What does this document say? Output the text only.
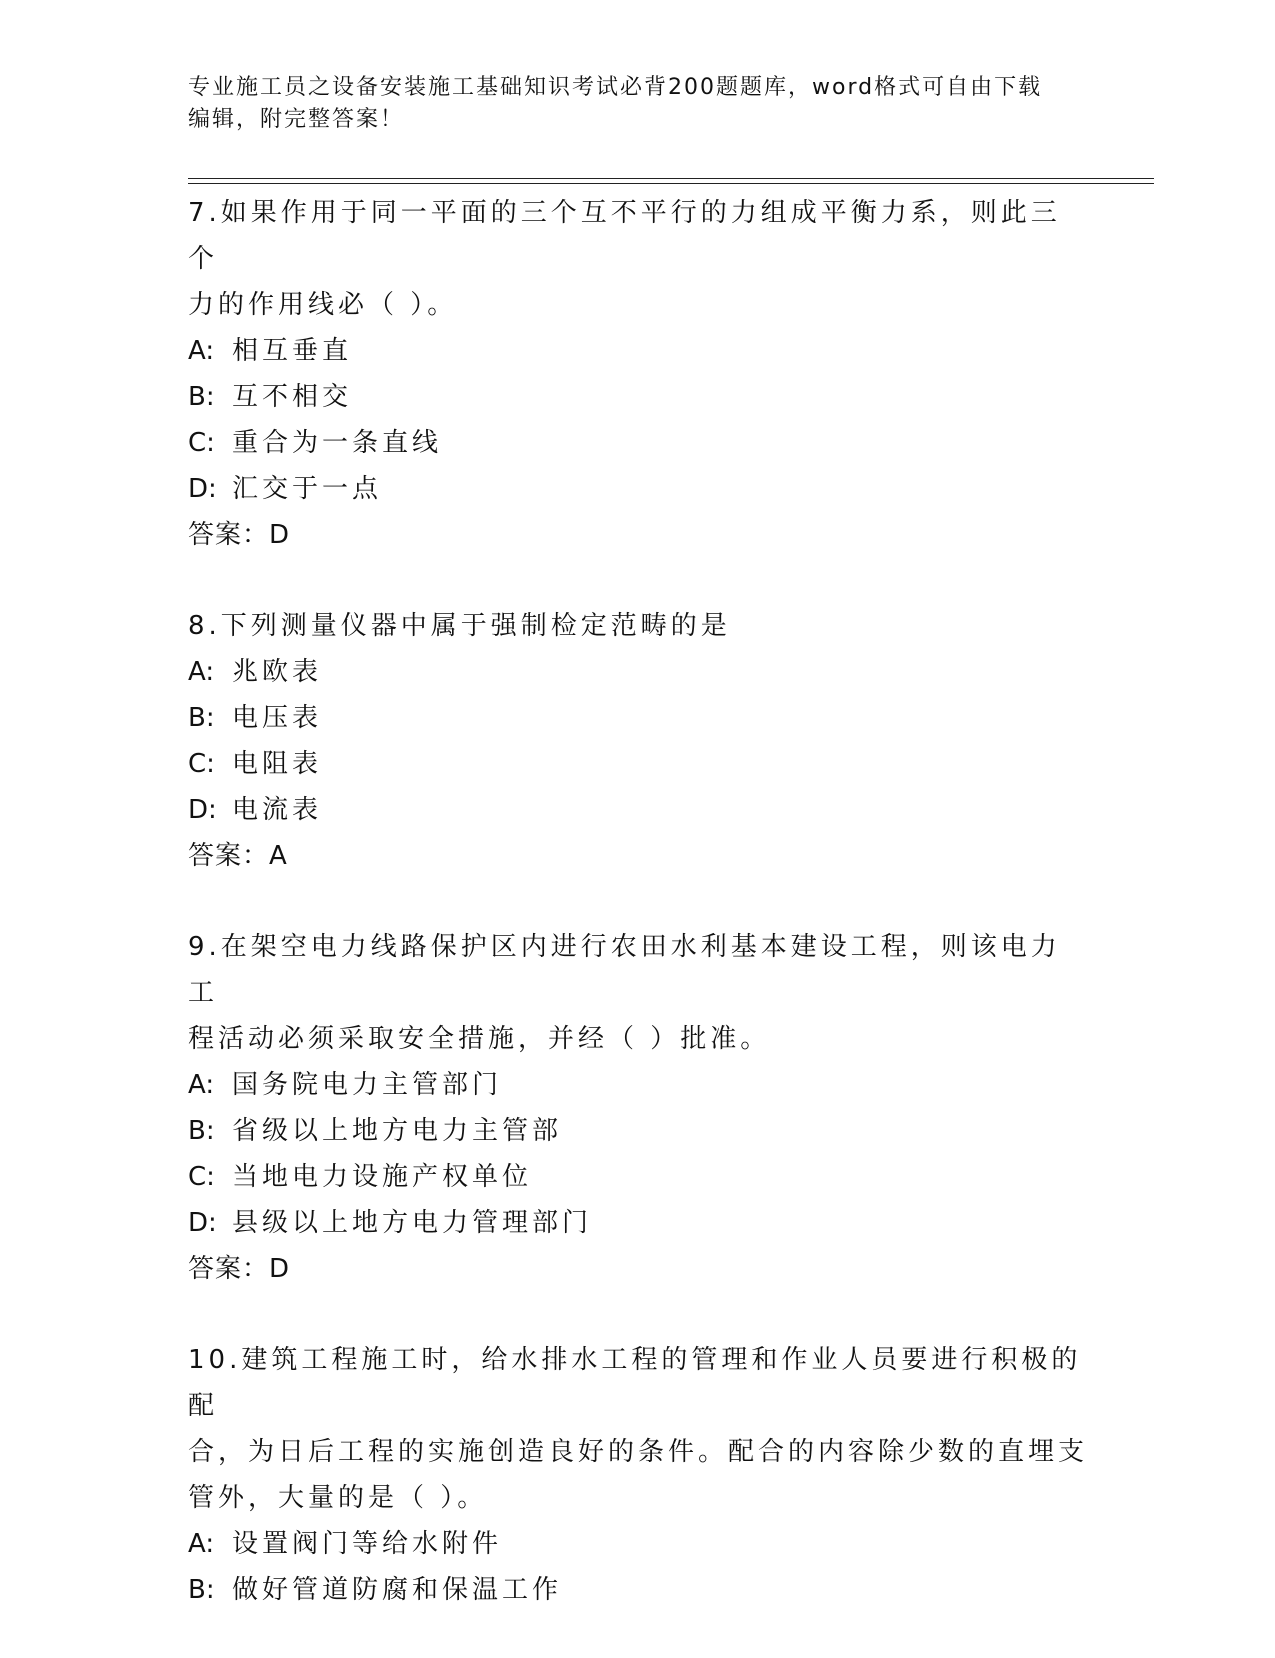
专业施工员之设备安装施工基础知识考试必背200题题库，word格式可自由下载
编辑，附完整答案！
7.如果作用于同一平面的三个互不平行的力组成平衡力系，则此三个
力的作用线必（ ）。
A: 相互垂直
B: 互不相交
C: 重合为一条直线
D: 汇交于一点
答案：D
8.下列测量仪器中属于强制检定范畴的是
A: 兆欧表
B: 电压表
C: 电阻表
D: 电流表
答案：A
9.在架空电力线路保护区内进行农田水利基本建设工程，则该电力工
程活动必须采取安全措施，并经（ ）批准。
A: 国务院电力主管部门
B: 省级以上地方电力主管部
C: 当地电力设施产权单位
D: 县级以上地方电力管理部门
答案：D
10.建筑工程施工时，给水排水工程的管理和作业人员要进行积极的配
合，为日后工程的实施创造良好的条件。配合的内容除少数的直埋支
管外，大量的是（ ）。
A: 设置阀门等给水附件
B: 做好管道防腐和保温工作
